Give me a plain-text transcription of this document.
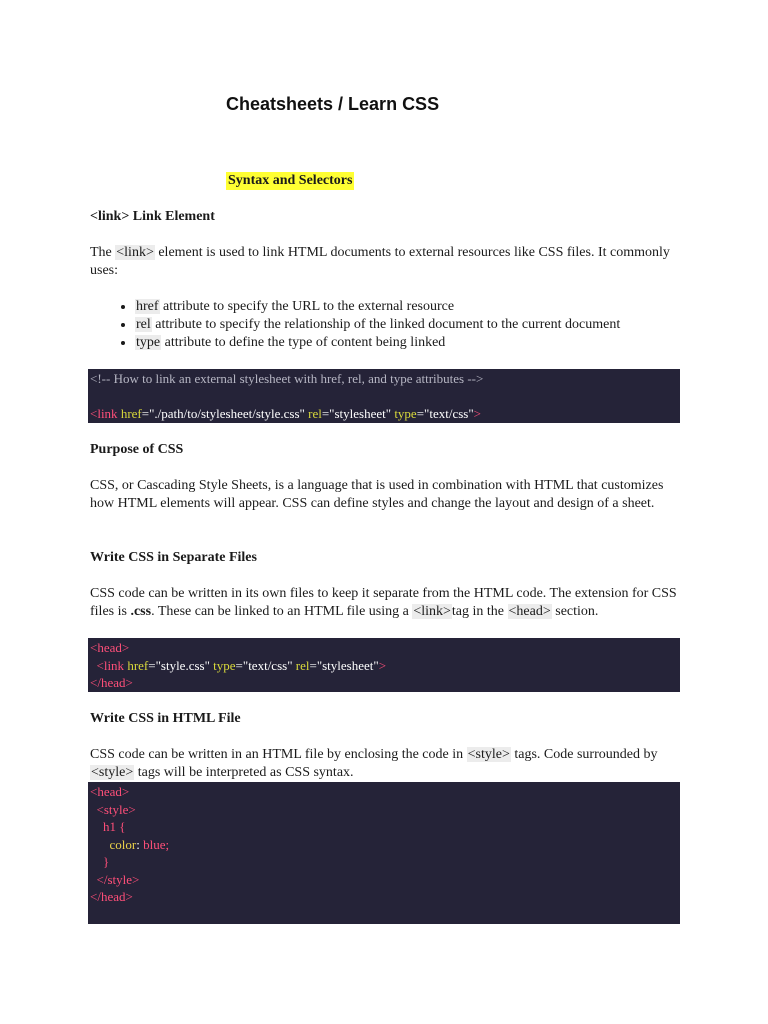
Cheatsheets / Learn CSS
Syntax and Selectors
<link> Link Element

The <link> element is used to link HTML documents to external resources like CSS files. It commonly uses:

• href attribute to specify the URL to the external resource
• rel attribute to specify the relationship of the linked document to the current document
• type attribute to define the type of content being linked
<!-- How to link an external stylesheet with href, rel, and type attributes -->

<link href="./path/to/stylesheet/style.css" rel="stylesheet" type="text/css">
Purpose of CSS

CSS, or Cascading Style Sheets, is a language that is used in combination with HTML that customizes how HTML elements will appear. CSS can define styles and change the layout and design of a sheet.

Write CSS in Separate Files

CSS code can be written in its own files to keep it separate from the HTML code. The extension for CSS files is .css. These can be linked to an HTML file using a <link>tag in the <head> section.

<head>
<link href="style.css" type="text/css" rel="stylesheet">
</head>
Write CSS in HTML File

CSS code can be written in an HTML file by enclosing the code in <style> tags. Code surrounded by <style> tags will be interpreted as CSS syntax.

<head>
<style>
h1 {
color: blue;
}
</style>
</head>
